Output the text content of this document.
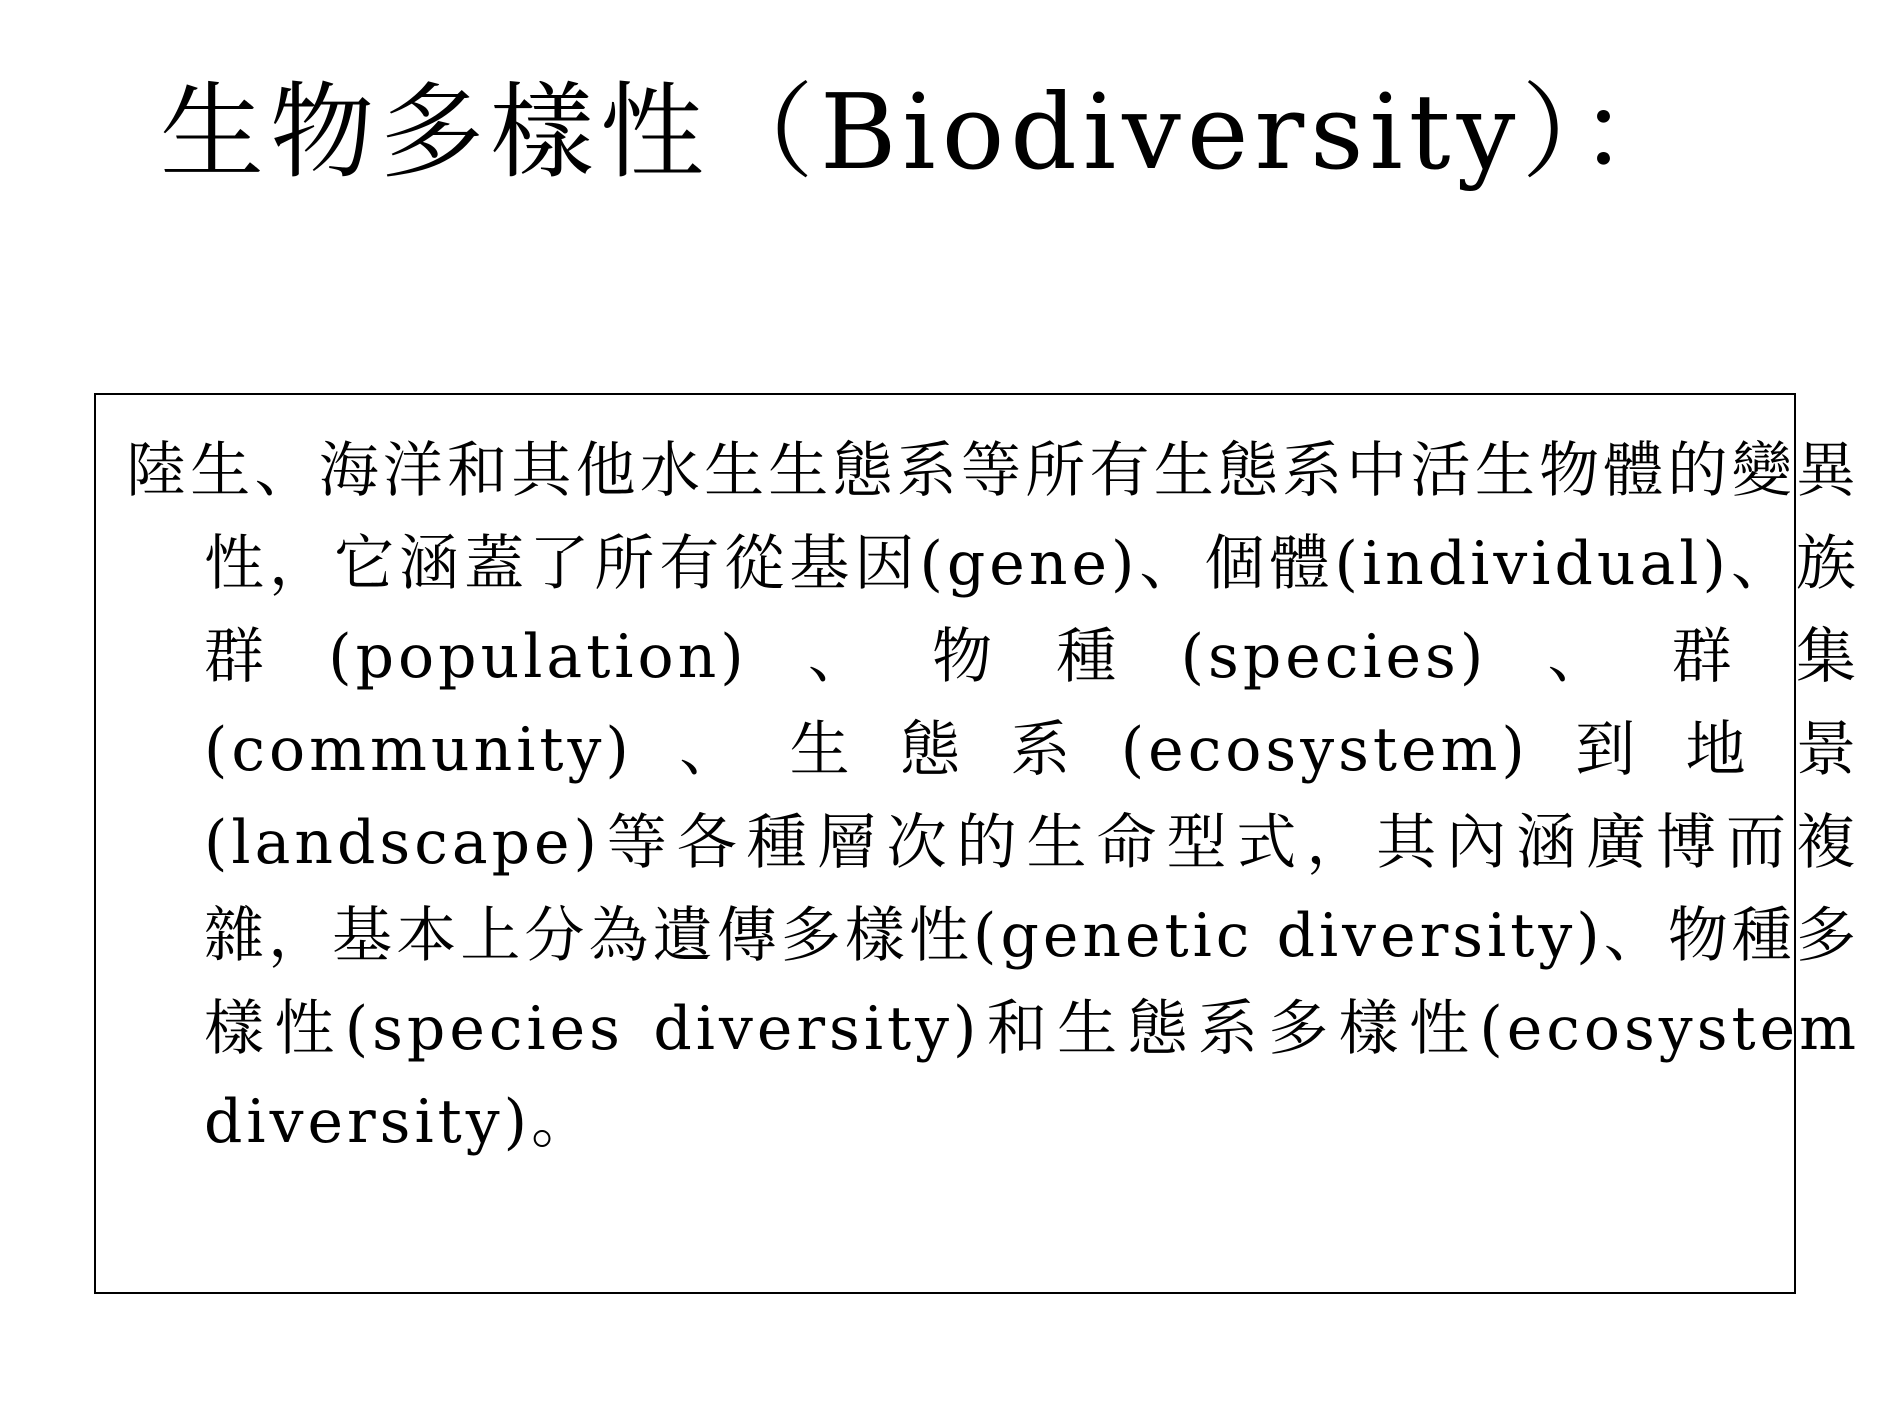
生物多樣性（Biodiversity）：

陸生、海洋和其他水生生態系等所有生態系中活生物體的變異性，它涵蓋了所有從基因(gene)、個體(individual)、族群(population)、物種(species)、群集(community)、生態系(ecosystem)到地景(landscape)等各種層次的生命型式，其內涵廣博而複雜，基本上分為遺傳多樣性(genetic diversity)、物種多樣性(species diversity)和生態系多樣性(ecosystem diversity)。
